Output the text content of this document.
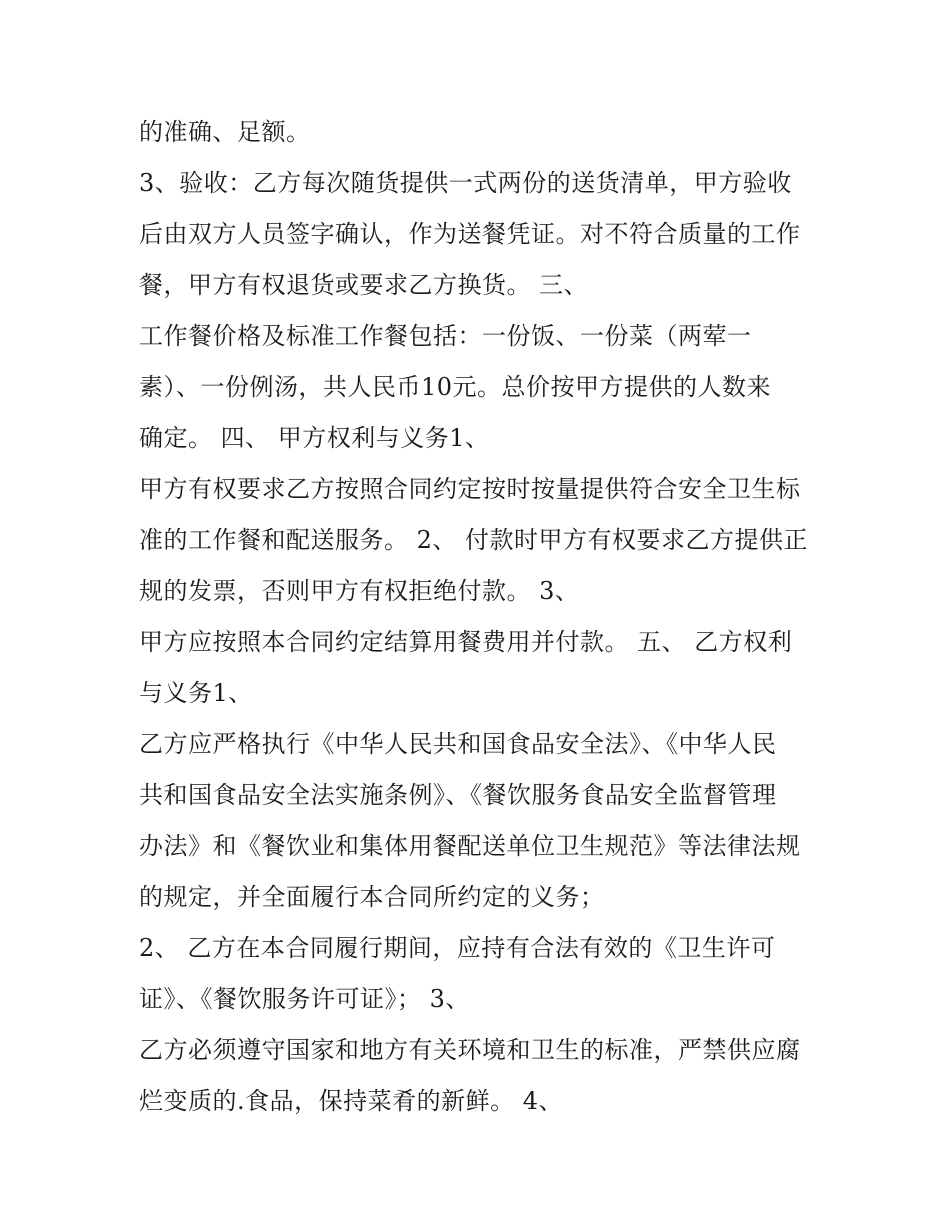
的准确、足额。
3、验收：乙方每次随货提供一式两份的送货清单，甲方验收
后由双方人员签字确认，作为送餐凭证。对不符合质量的工作
餐，甲方有权退货或要求乙方换货。 三、
工作餐价格及标准工作餐包括：一份饭、一份菜（两荤一
素）、一份例汤，共人民币10元。总价按甲方提供的人数来
确定。 四、 甲方权利与义务1、
甲方有权要求乙方按照合同约定按时按量提供符合安全卫生标
准的工作餐和配送服务。 2、 付款时甲方有权要求乙方提供正
规的发票，否则甲方有权拒绝付款。 3、
甲方应按照本合同约定结算用餐费用并付款。 五、 乙方权利
与义务1、
乙方应严格执行《中华人民共和国食品安全法》、《中华人民
共和国食品安全法实施条例》、《餐饮服务食品安全监督管理
办法》和《餐饮业和集体用餐配送单位卫生规范》等法律法规
的规定，并全面履行本合同所约定的义务；
2、 乙方在本合同履行期间，应持有合法有效的《卫生许可
证》、《餐饮服务许可证》； 3、
乙方必须遵守国家和地方有关环境和卫生的标准，严禁供应腐
烂变质的.食品，保持菜肴的新鲜。 4、
